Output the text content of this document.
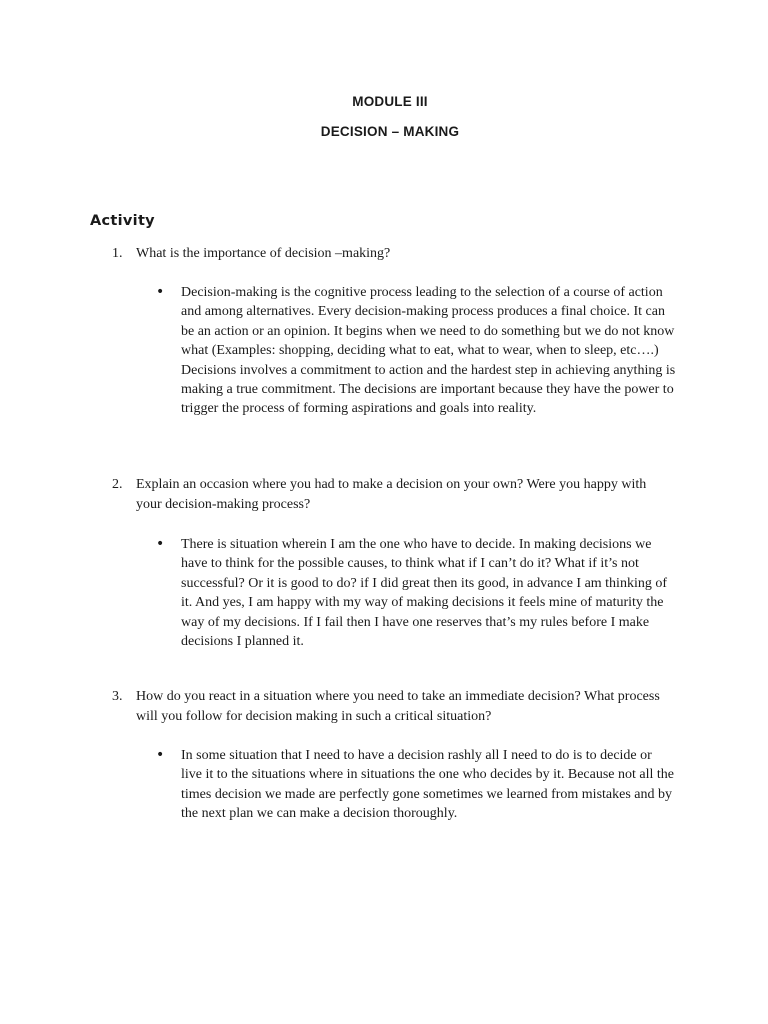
MODULE III
DECISION – MAKING
Activity
1. What is the importance of decision –making?
• Decision-making is the cognitive process leading to the selection of a course of action and among alternatives. Every decision-making process produces a final choice. It can be an action or an opinion. It begins when we need to do something but we do not know what (Examples: shopping, deciding what to eat, what to wear, when to sleep, etc….) Decisions involves a commitment to action and the hardest step in achieving anything is making a true commitment. The decisions are important because they have the power to trigger the process of forming aspirations and goals into reality.
2. Explain an occasion where you had to make a decision on your own? Were you happy with your decision-making process?
• There is situation wherein I am the one who have to decide. In making decisions we have to think for the possible causes, to think what if I can’t do it? What if it’s not successful? Or it is good to do? if I did great then its good, in advance I am thinking of it. And yes, I am happy with my way of making decisions it feels mine of maturity the way of my decisions. If I fail then I have one reserves that’s my rules before I make decisions I planned it.
3. How do you react in a situation where you need to take an immediate decision? What process will you follow for decision making in such a critical situation?
• In some situation that I need to have a decision rashly all I need to do is to decide or live it to the situations where in situations the one who decides by it. Because not all the times decision we made are perfectly gone sometimes we learned from mistakes and by the next plan we can make a decision thoroughly.
